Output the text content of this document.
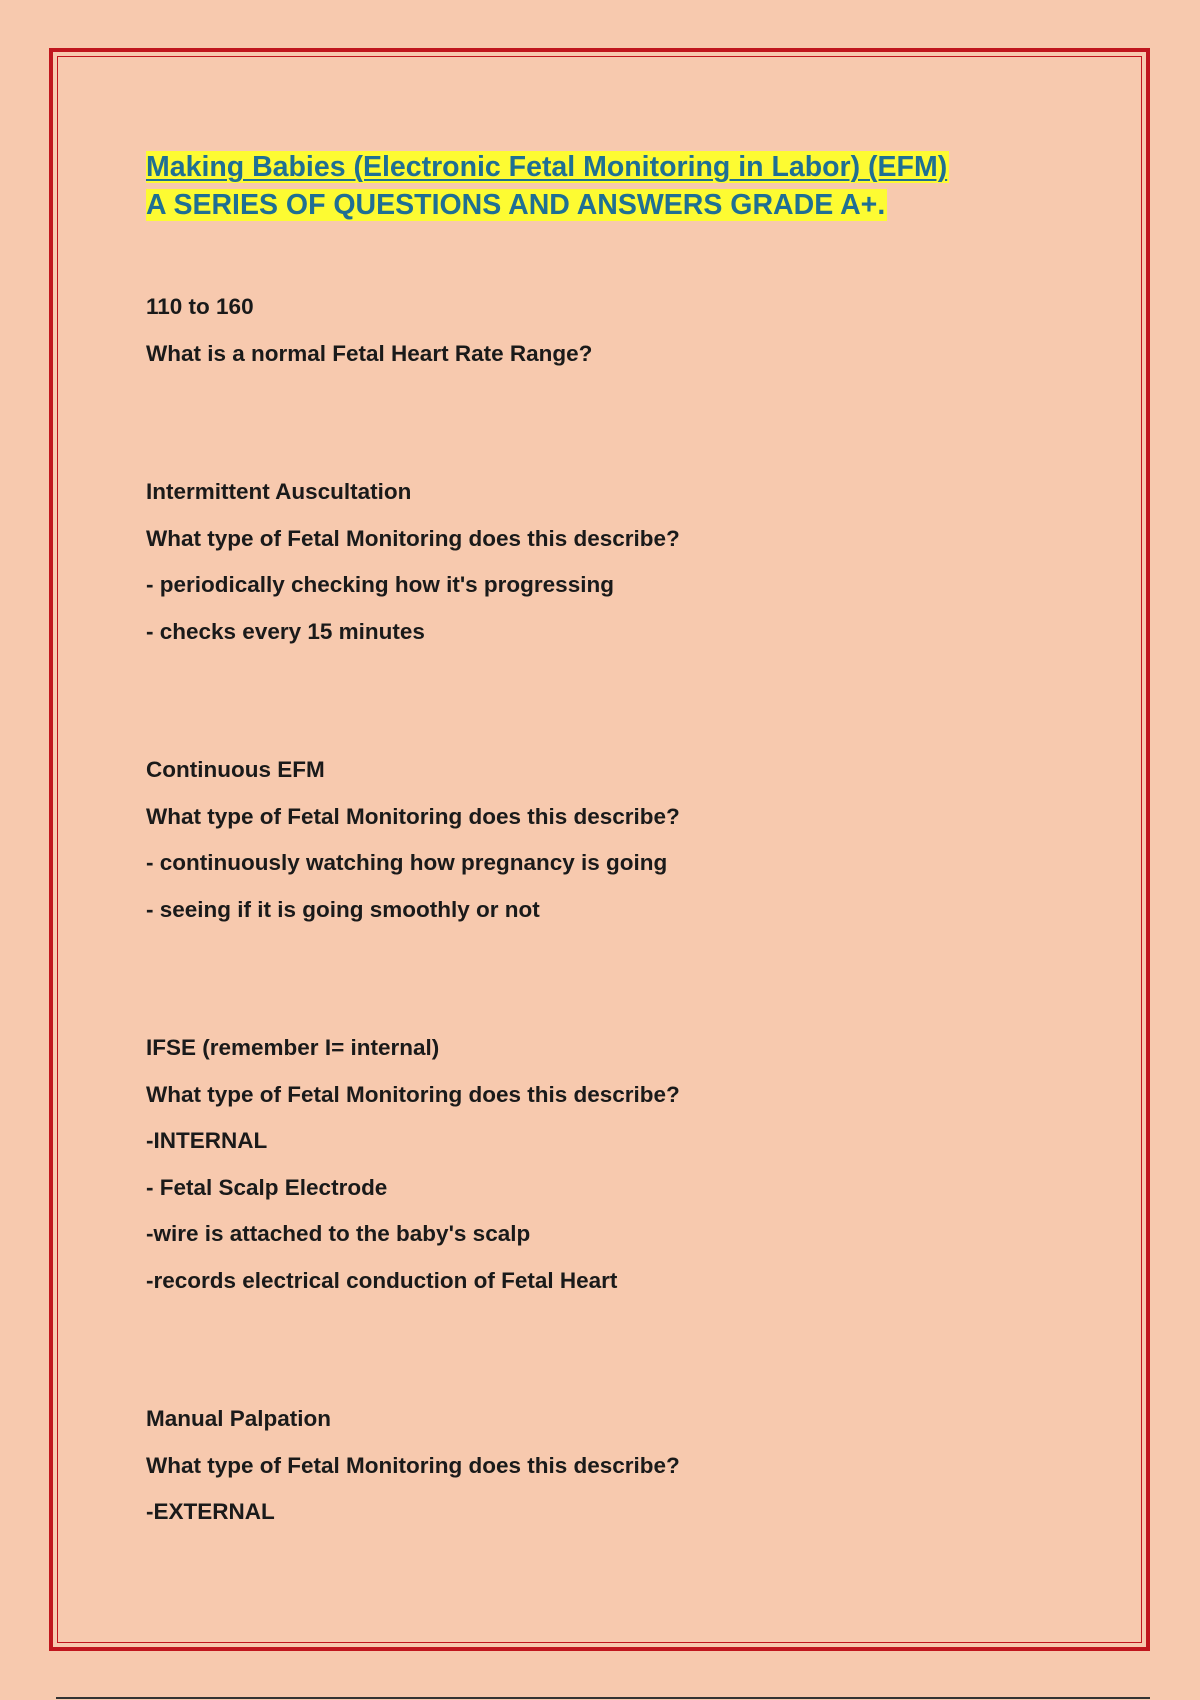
Making Babies (Electronic Fetal Monitoring in Labor) (EFM)
A SERIES OF QUESTIONS AND ANSWERS GRADE A+.
110 to 160
What is a normal Fetal Heart Rate Range?
Intermittent Auscultation
What type of Fetal Monitoring does this describe?
- periodically checking how it's progressing
- checks every 15 minutes
Continuous EFM
What type of Fetal Monitoring does this describe?
- continuously watching how pregnancy is going
- seeing if it is going smoothly or not
IFSE (remember I= internal)
What type of Fetal Monitoring does this describe?
-INTERNAL
- Fetal Scalp Electrode
-wire is attached to the baby's scalp
-records electrical conduction of Fetal Heart
Manual Palpation
What type of Fetal Monitoring does this describe?
-EXTERNAL
